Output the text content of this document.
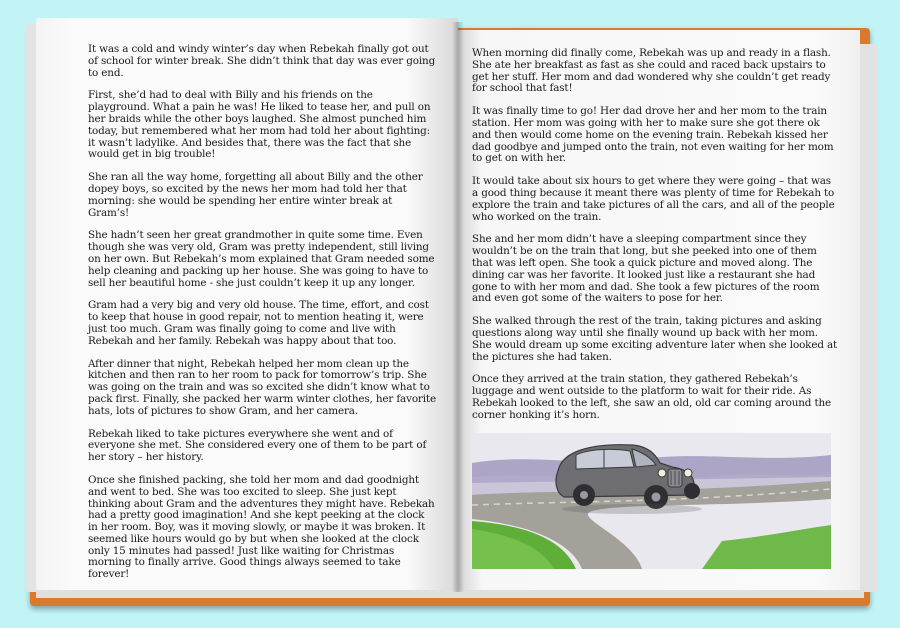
It was a cold and windy winter’s day when Rebekah finally got out of school for winter break. She didn’t think that day was ever going to end.

First, she’d had to deal with Billy and his friends on the playground. What a pain he was! He liked to tease her, and pull on her braids while the other boys laughed. She almost punched him today, but remembered what her mom had told her about fighting: it wasn’t ladylike. And besides that, there was the fact that she would get in big trouble!

She ran all the way home, forgetting all about Billy and the other dopey boys, so excited by the news her mom had told her that morning: she would be spending her entire winter break at Gram’s!

She hadn’t seen her great grandmother in quite some time. Even though she was very old, Gram was pretty independent, still living on her own. But Rebekah’s mom explained that Gram needed some help cleaning and packing up her house. She was going to have to sell her beautiful home - she just couldn’t keep it up any longer.

Gram had a very big and very old house. The time, effort, and cost to keep that house in good repair, not to mention heating it, were just too much. Gram was finally going to come and live with Rebekah and her family. Rebekah was happy about that too.

After dinner that night, Rebekah helped her mom clean up the kitchen and then ran to her room to pack for tomorrow’s trip. She was going on the train and was so excited she didn’t know what to pack first. Finally, she packed her warm winter clothes, her favorite hats, lots of pictures to show Gram, and her camera.

Rebekah liked to take pictures everywhere she went and of everyone she met. She considered every one of them to be part of her story – her history.

Once she finished packing, she told her mom and dad goodnight and went to bed. She was too excited to sleep. She just kept thinking about Gram and the adventures they might have. Rebekah had a pretty good imagination! And she kept peeking at the clock in her room. Boy, was it moving slowly, or maybe it was broken. It seemed like hours would go by but when she looked at the clock only 15 minutes had passed! Just like waiting for Christmas morning to finally arrive. Good things always seemed to take forever!

When morning did finally come, Rebekah was up and ready in a flash. She ate her breakfast as fast as she could and raced back upstairs to get her stuff. Her mom and dad wondered why she couldn’t get ready for school that fast!

It was finally time to go! Her dad drove her and her mom to the train station. Her mom was going with her to make sure she got there ok and then would come home on the evening train. Rebekah kissed her dad goodbye and jumped onto the train, not even waiting for her mom to get on with her.

It would take about six hours to get where they were going – that was a good thing because it meant there was plenty of time for Rebekah to explore the train and take pictures of all the cars, and all of the people who worked on the train.

She and her mom didn’t have a sleeping compartment since they wouldn’t be on the train that long, but she peeked into one of them that was left open. She took a quick picture and moved along. The dining car was her favorite. It looked just like a restaurant she had gone to with her mom and dad. She took a few pictures of the room and even got some of the waiters to pose for her.

She walked through the rest of the train, taking pictures and asking questions along way until she finally wound up back with her mom. She would dream up some exciting adventure later when she looked at the pictures she had taken.

Once they arrived at the train station, they gathered Rebekah’s luggage and went outside to the platform to wait for their ride. As Rebekah looked to the left, she saw an old, old car coming around the corner honking it’s horn.
